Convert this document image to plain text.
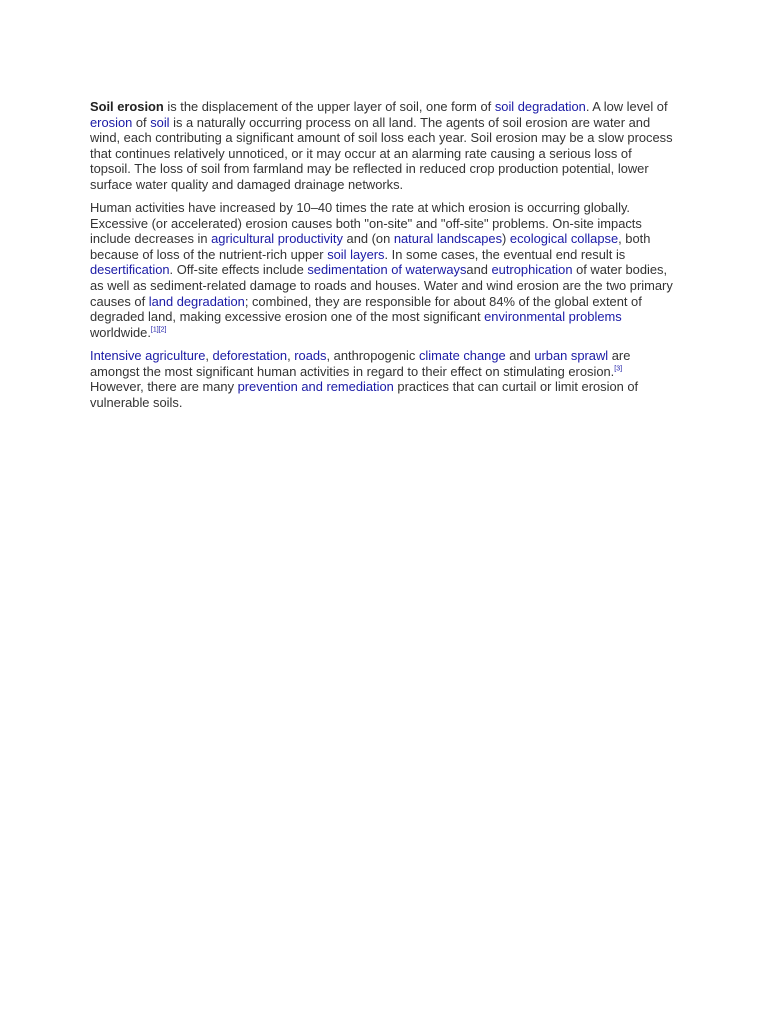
Soil erosion is the displacement of the upper layer of soil, one form of soil degradation. A low level of erosion of soil is a naturally occurring process on all land. The agents of soil erosion are water and wind, each contributing a significant amount of soil loss each year. Soil erosion may be a slow process that continues relatively unnoticed, or it may occur at an alarming rate causing a serious loss of topsoil. The loss of soil from farmland may be reflected in reduced crop production potential, lower surface water quality and damaged drainage networks.

Human activities have increased by 10–40 times the rate at which erosion is occurring globally. Excessive (or accelerated) erosion causes both "on-site" and "off-site" problems. On-site impacts include decreases in agricultural productivity and (on natural landscapes) ecological collapse, both because of loss of the nutrient-rich upper soil layers. In some cases, the eventual end result is desertification. Off-site effects include sedimentation of waterwaysand eutrophication of water bodies, as well as sediment-related damage to roads and houses. Water and wind erosion are the two primary causes of land degradation; combined, they are responsible for about 84% of the global extent of degraded land, making excessive erosion one of the most significant environmental problems worldwide.[1][2]

Intensive agriculture, deforestation, roads, anthropogenic climate change and urban sprawl are amongst the most significant human activities in regard to their effect on stimulating erosion.[3] However, there are many prevention and remediation practices that can curtail or limit erosion of vulnerable soils.
